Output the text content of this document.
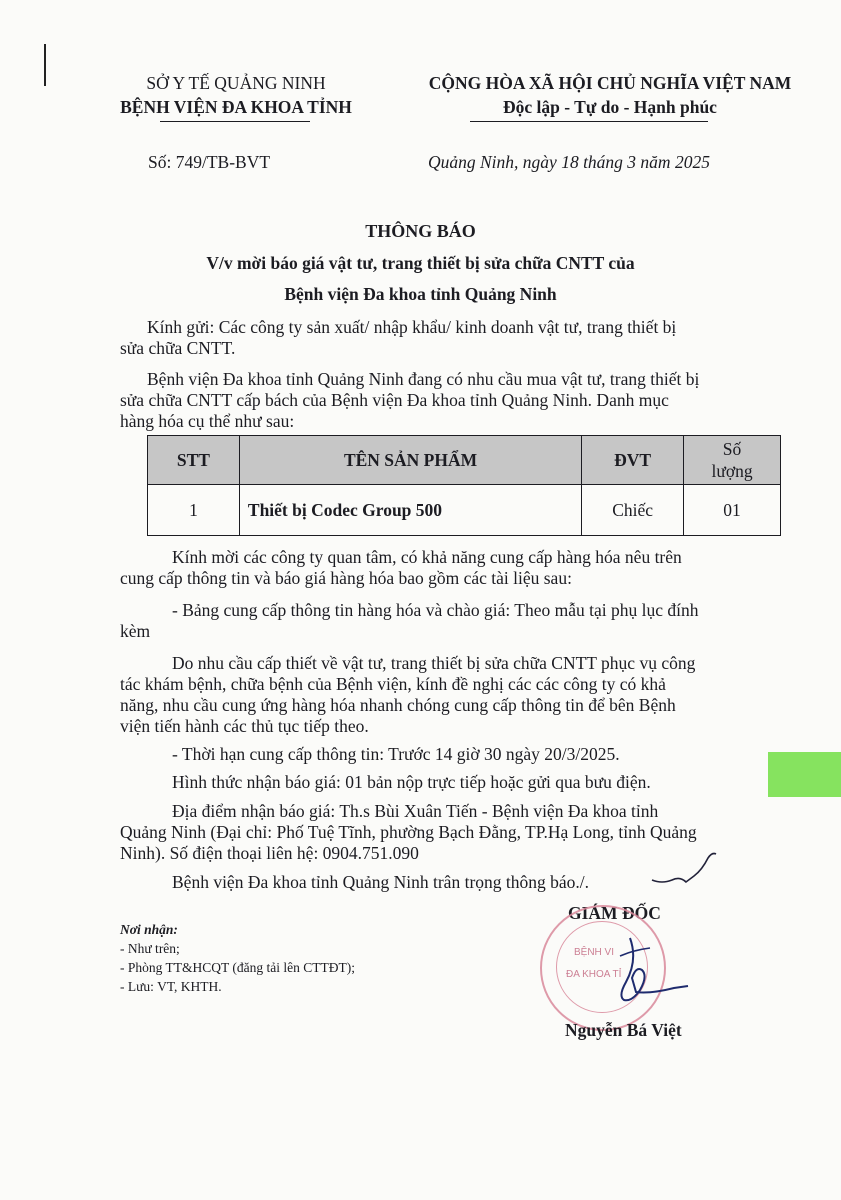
SỞ Y TẾ QUẢNG NINH
BỆNH VIỆN ĐA KHOA TỈNH
CỘNG HÒA XÃ HỘI CHỦ NGHĨA VIỆT NAM
Độc lập - Tự do - Hạnh phúc
Số: 749/TB-BVT	Quảng Ninh, ngày 18 tháng 3 năm 2025
THÔNG BÁO
V/v mời báo giá vật tư, trang thiết bị sửa chữa CNTT của
Bệnh viện Đa khoa tỉnh Quảng Ninh
Kính gửi: Các công ty sản xuất/ nhập khẩu/ kinh doanh vật tư, trang thiết bị
sửa chữa CNTT.
Bệnh viện Đa khoa tỉnh Quảng Ninh đang có nhu cầu mua vật tư, trang thiết bị
sửa chữa CNTT cấp bách của Bệnh viện Đa khoa tỉnh Quảng Ninh. Danh mục
hàng hóa cụ thể như sau:
STT	TÊN SẢN PHẨM	ĐVT	Số
lượng

1	Thiết bị Codec Group 500	Chiếc	01
Kính mời các công ty quan tâm, có khả năng cung cấp hàng hóa nêu trên
cung cấp thông tin và báo giá hàng hóa bao gồm các tài liệu sau:
- Bảng cung cấp thông tin hàng hóa và chào giá: Theo mẫu tại phụ lục đính
kèm
Do nhu cầu cấp thiết về vật tư, trang thiết bị sửa chữa CNTT phục vụ công
tác khám bệnh, chữa bệnh của Bệnh viện, kính đề nghị các các công ty có khả
năng, nhu cầu cung ứng hàng hóa nhanh chóng cung cấp thông tin để bên Bệnh
viện tiến hành các thủ tục tiếp theo.
- Thời hạn cung cấp thông tin: Trước 14 giờ 30 ngày 20/3/2025.
Hình thức nhận báo giá: 01 bản nộp trực tiếp hoặc gửi qua bưu điện.
Địa điểm nhận báo giá: Th.s Bùi Xuân Tiến - Bệnh viện Đa khoa tỉnh
Quảng Ninh (Đại chỉ: Phố Tuệ Tĩnh, phường Bạch Đằng, TP.Hạ Long, tỉnh Quảng
Ninh). Số điện thoại liên hệ: 0904.751.090
Bệnh viện Đa khoa tỉnh Quảng Ninh trân trọng thông báo./.
Nơi nhận:
- Như trên;
- Phòng TT&HCQT (đăng tải lên CTTĐT);
- Lưu: VT, KHTH.
GIÁM ĐỐC
BỆNH VI
ĐA KHOA TỈ
Nguyễn Bá Việt
